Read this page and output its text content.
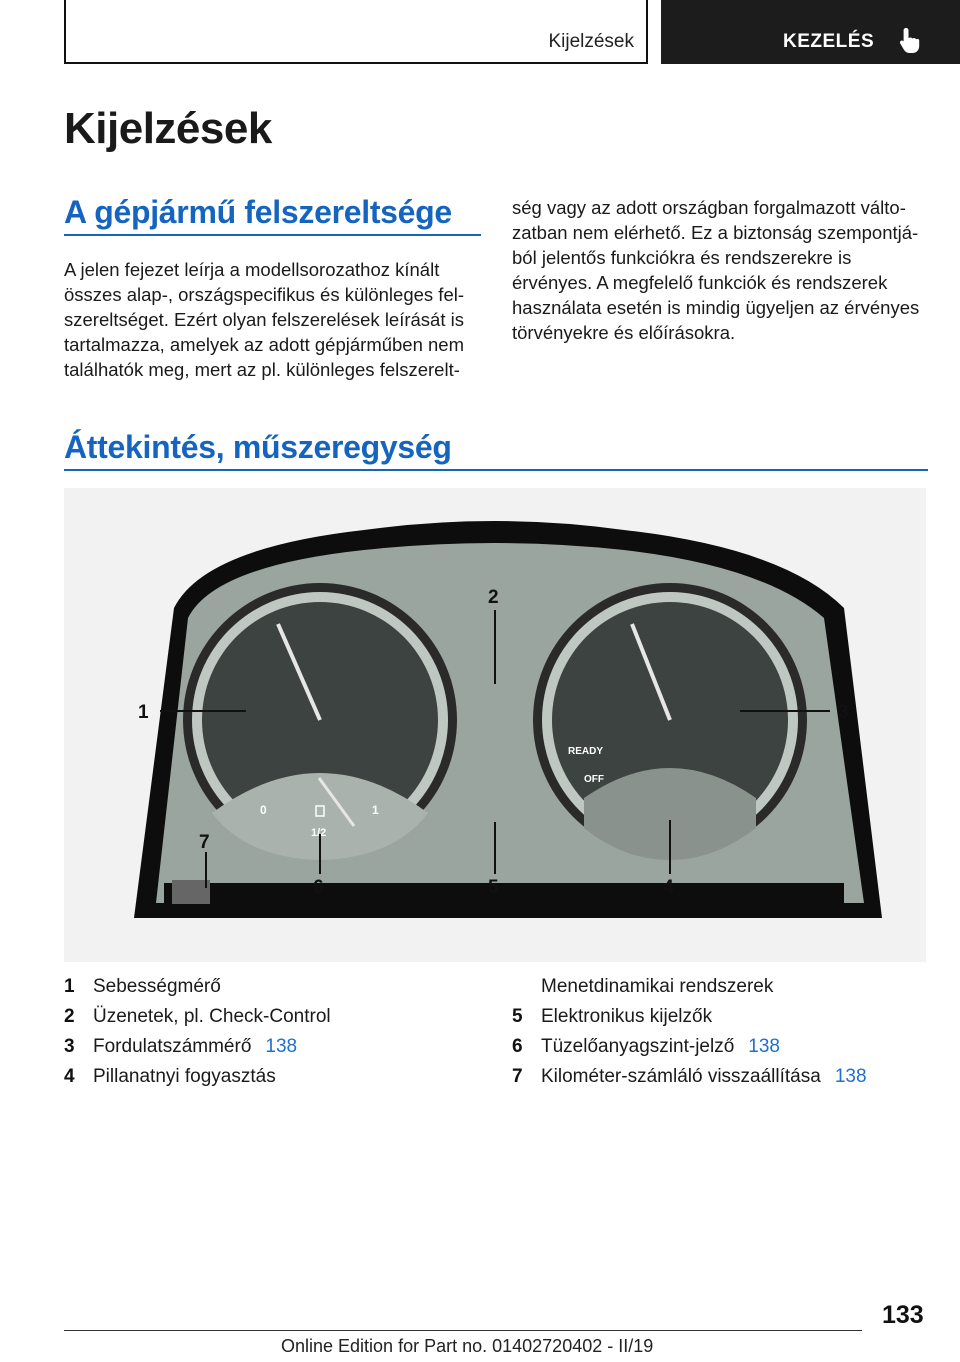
Kijelzések	KEZELÉS
Kijelzések
A gépjármű felszereltsége
A jelen fejezet leírja a modellsorozathoz kínált
összes alap-, országspecifikus és különleges fel-
szereltséget. Ezért olyan felszerelések leírását is
tartalmazza, amelyek az adott gépjárműben nem
találhatók meg, mert az pl. különleges felszerelt-
ség vagy az adott országban forgalmazott válto-
zatban nem elérhető. Ez a biztonság szempontjá-
ból jelentős funkciókra és rendszerekre is
érvényes. A megfelelő funkciók és rendszerek
használata esetén is mindig ügyeljen az érvényes
törvényekre és előírásokra.
Áttekintés, műszeregység
0
1/2
1
READY
OFF
1
2
3
4
5
6
7
1 Sebességmérő
2 Üzenetek, pl. Check-Control
3 Fordulatszámmérő 138
4 Pillanatnyi fogyasztás
Menetdinamikai rendszerek
5 Elektronikus kijelzők
6 Tüzelőanyagszint-jelző 138
7 Kilométer-számláló visszaállítása 138
133
Online Edition for Part no. 01402720402 - II/19
